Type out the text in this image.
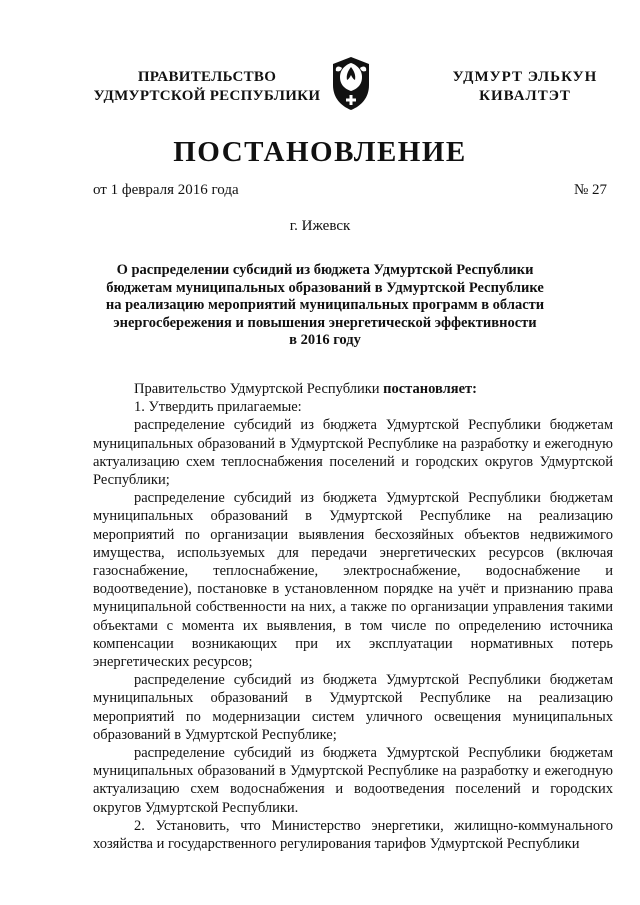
ПРАВИТЕЛЬСТВО
УДМУРТСКОЙ РЕСПУБЛИКИ
УДМУРТ ЭЛЬКУН
КИВАЛТЭТ
ПОСТАНОВЛЕНИЕ
от 1 февраля 2016 года	№ 27
г. Ижевск
О распределении субсидий из бюджета Удмуртской Республики
бюджетам муниципальных образований в Удмуртской Республике
на реализацию мероприятий муниципальных программ в области
энергосбережения и повышения энергетической эффективности
в 2016 году

Правительство Удмуртской Республики постановляет:

1. Утвердить прилагаемые:

распределение субсидий из бюджета Удмуртской Республики бюджетам муниципальных образований в Удмуртской Республике на разработку и ежегодную актуализацию схем теплоснабжения поселений и городских округов Удмуртской Республики;

распределение субсидий из бюджета Удмуртской Республики бюджетам муниципальных образований в Удмуртской Республике на реализацию мероприятий по организации выявления бесхозяйных объектов недвижимого имущества, используемых для передачи энергетических ресурсов (включая газоснабжение, теплоснабжение, электроснабжение, водоснабжение и водоотведение), постановке в установленном порядке на учёт и признанию права муниципальной собственности на них, а также по организации управления такими объектами с момента их выявления, в том числе по определению источника компенсации возникающих при их эксплуатации нормативных потерь энергетических ресурсов;

распределение субсидий из бюджета Удмуртской Республики бюджетам муниципальных образований в Удмуртской Республике на реализацию мероприятий по модернизации систем уличного освещения муниципальных образований в Удмуртской Республике;

распределение субсидий из бюджета Удмуртской Республики бюджетам муниципальных образований в Удмуртской Республике на разработку и ежегодную актуализацию схем водоснабжения и водоотведения поселений и городских округов Удмуртской Республики.

2. Установить, что Министерство энергетики, жилищно-коммунального хозяйства и государственного регулирования тарифов Удмуртской Республики
